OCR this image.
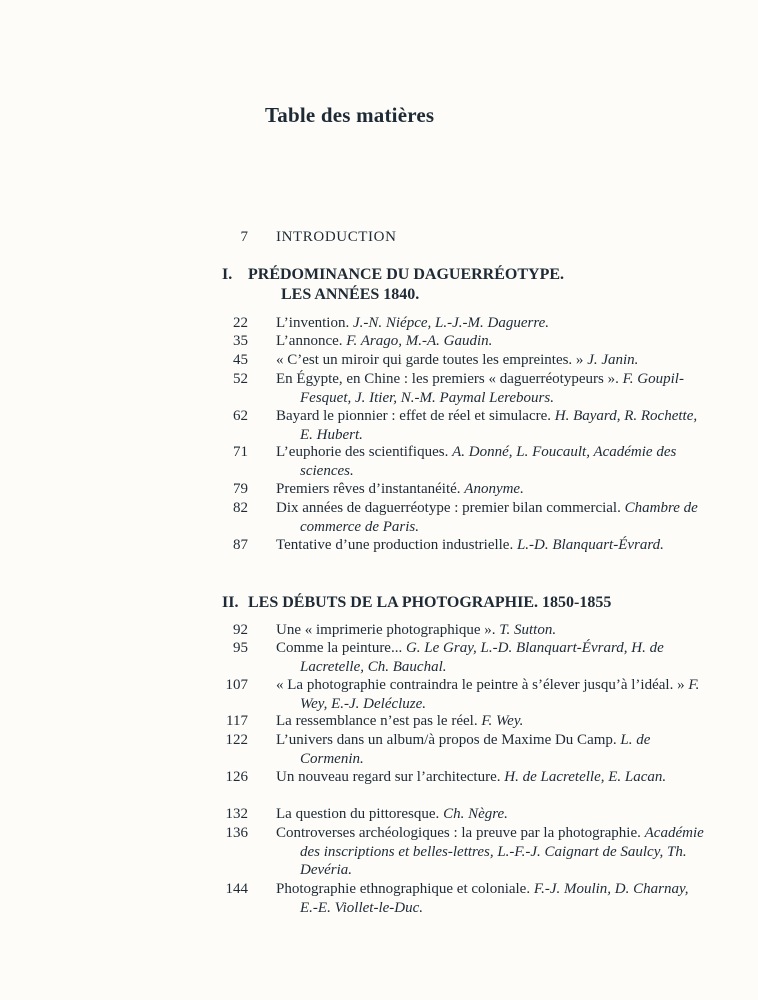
Table des matières
7 INTRODUCTION
I. PRÉDOMINANCE DU DAGUERRÉOTYPE.
LES ANNÉES 1840.
22 L’invention. J.-N. Niépce, L.-J.-M. Daguerre.
35 L’annonce. F. Arago, M.-A. Gaudin.
45 « C’est un miroir qui garde toutes les empreintes. » J. Janin.
52 En Égypte, en Chine : les premiers « daguerréotypeurs ». F. Goupil-Fesquet, J. Itier, N.-M. Paymal Lerebours.
62 Bayard le pionnier : effet de réel et simulacre. H. Bayard, R. Rochette, E. Hubert.
71 L’euphorie des scientifiques. A. Donné, L. Foucault, Académie des sciences.
79 Premiers rêves d’instantanéité. Anonyme.
82 Dix années de daguerréotype : premier bilan commercial. Chambre de commerce de Paris.
87 Tentative d’une production industrielle. L.-D. Blanquart-Évrard.
II. LES DÉBUTS DE LA PHOTOGRAPHIE. 1850-1855
92 Une « imprimerie photographique ». T. Sutton.
95 Comme la peinture... G. Le Gray, L.-D. Blanquart-Évrard, H. de Lacretelle, Ch. Bauchal.
107 « La photographie contraindra le peintre à s’élever jusqu’à l’idéal. » F. Wey, E.-J. Delécluze.
117 La ressemblance n’est pas le réel. F. Wey.
122 L’univers dans un album/à propos de Maxime Du Camp. L. de Cormenin.
126 Un nouveau regard sur l’architecture. H. de Lacretelle, E. Lacan.
132 La question du pittoresque. Ch. Nègre.
136 Controverses archéologiques : la preuve par la photographie. Académie des inscriptions et belles-lettres, L.-F.-J. Caignart de Saulcy, Th. Devéria.
144 Photographie ethnographique et coloniale. F.-J. Moulin, D. Charnay, E.-E. Viollet-le-Duc.
